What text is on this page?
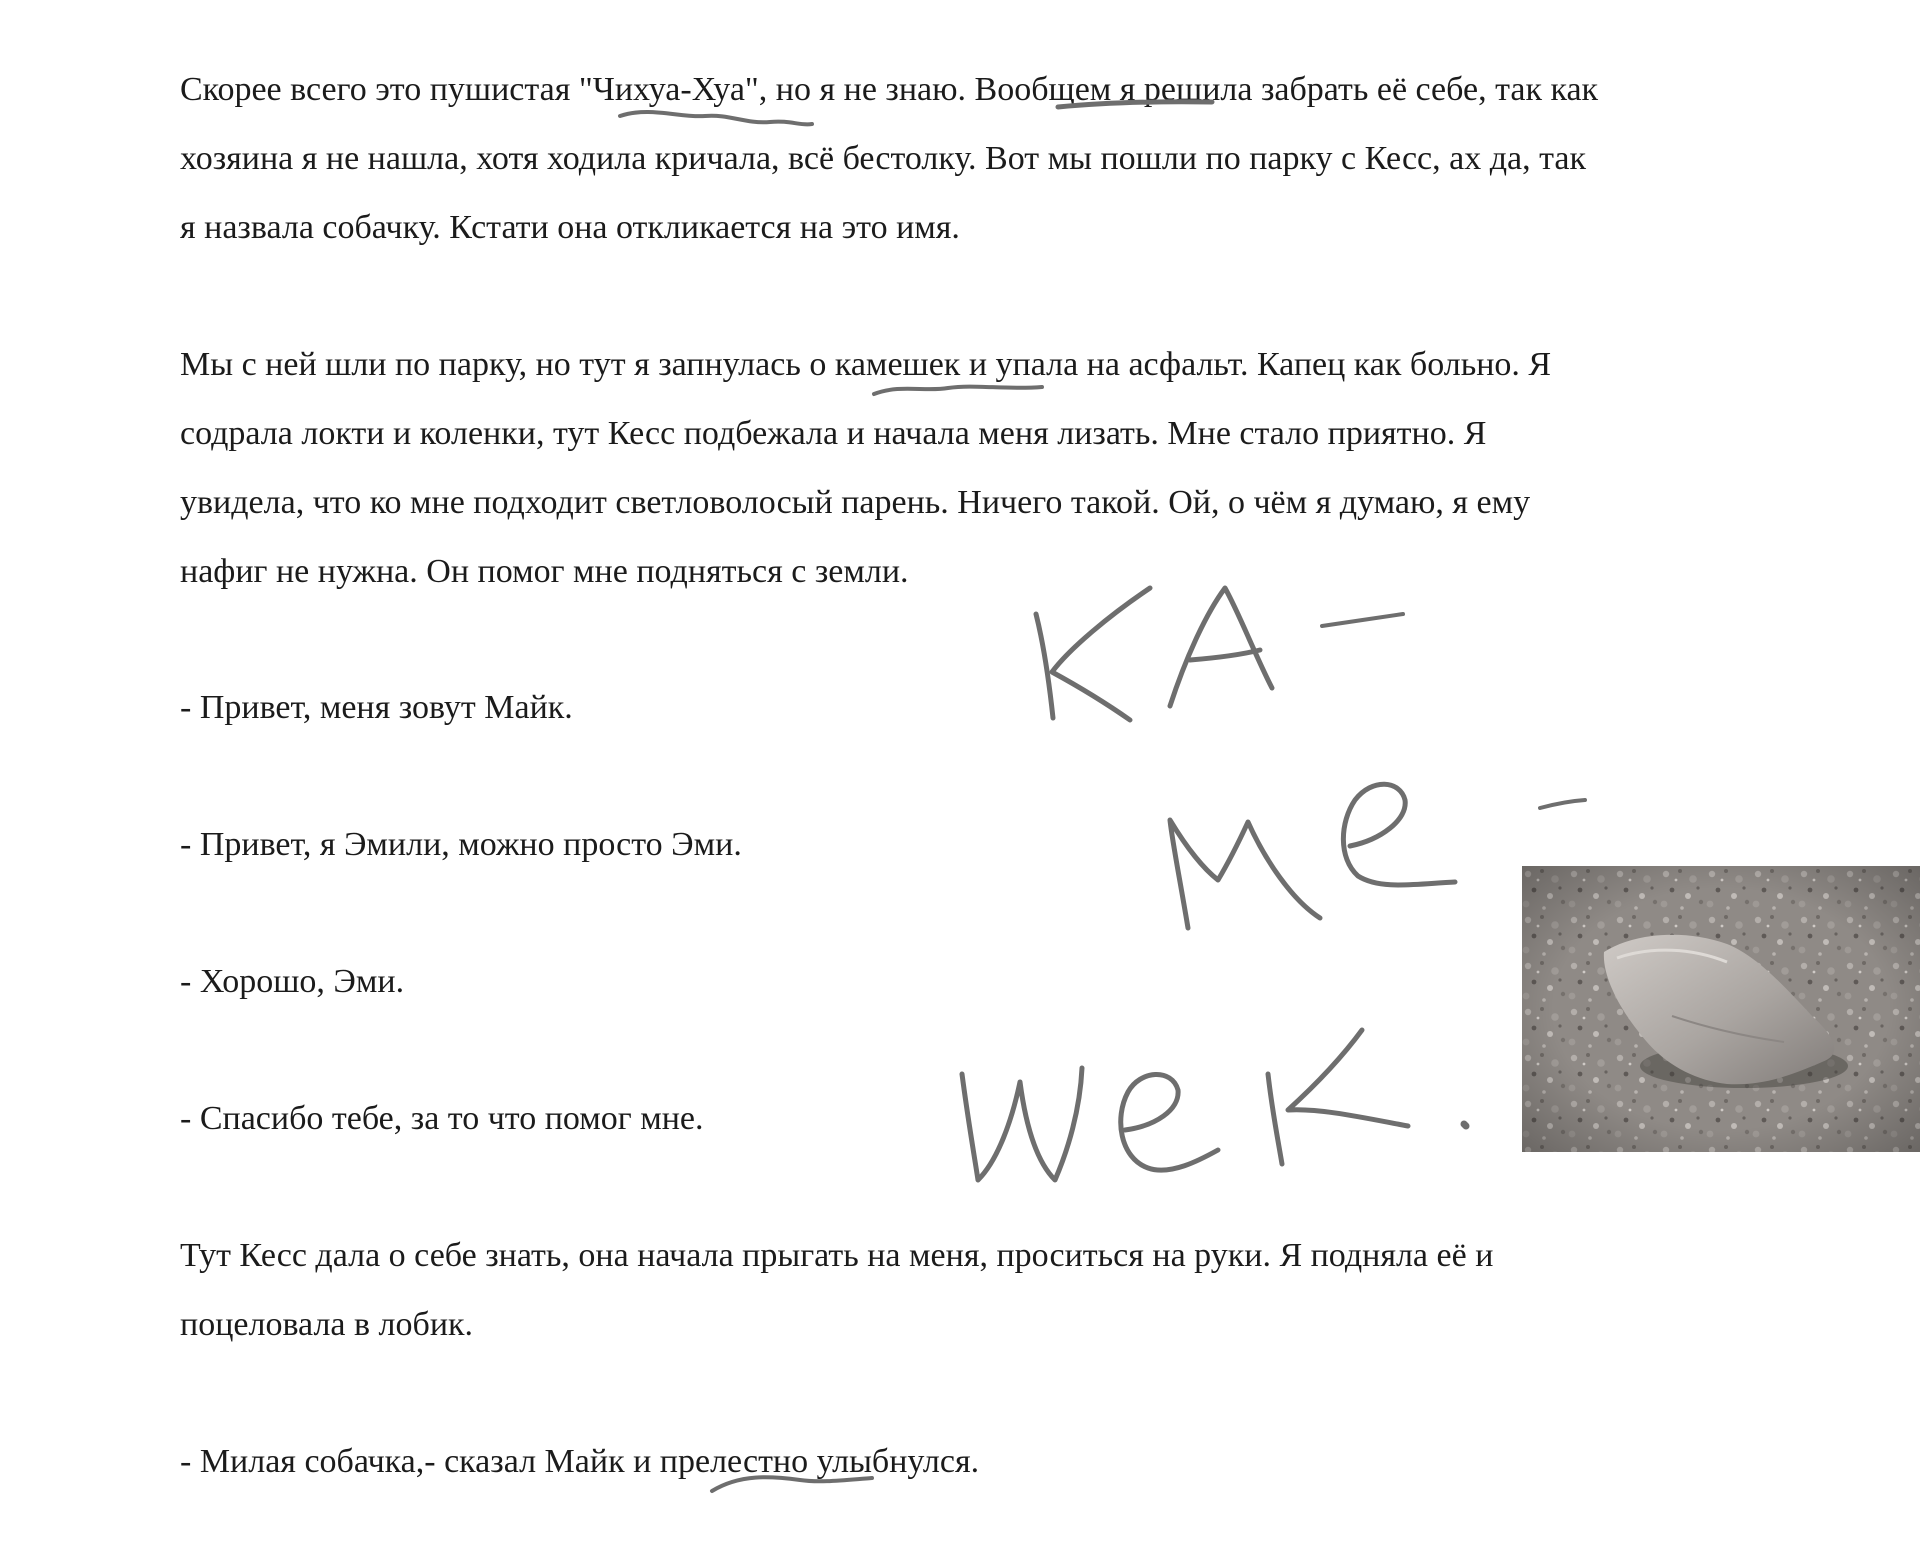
Скорее всего это пушистая "Чихуа-Хуа", но я не знаю. Вообщем я решила забрать её себе, так как

хозяина я не нашла, хотя ходила кричала, всё бестолку. Вот мы пошли по парку с Кесс, ах да, так

я назвала собачку. Кстати она откликается на это имя.

Мы с ней шли по парку, но тут я запнулась о камешек и упала на асфальт. Капец как больно. Я

содрала локти и коленки, тут Кесс подбежала и начала меня лизать. Мне стало приятно. Я

увидела, что ко мне подходит светловолосый парень. Ничего такой. Ой, о чём я думаю, я ему

нафиг не нужна. Он помог мне подняться с земли.

- Привет, меня зовут Майк.

- Привет, я Эмили, можно просто Эми.

- Хорошо, Эми.

- Спасибо тебе, за то что помог мне.

Тут Кесс дала о себе знать, она начала прыгать на меня, проситься на руки. Я подняла её и

поцеловала в лобик.

- Милая собачка,- сказал Майк и прелестно улыбнулся.
